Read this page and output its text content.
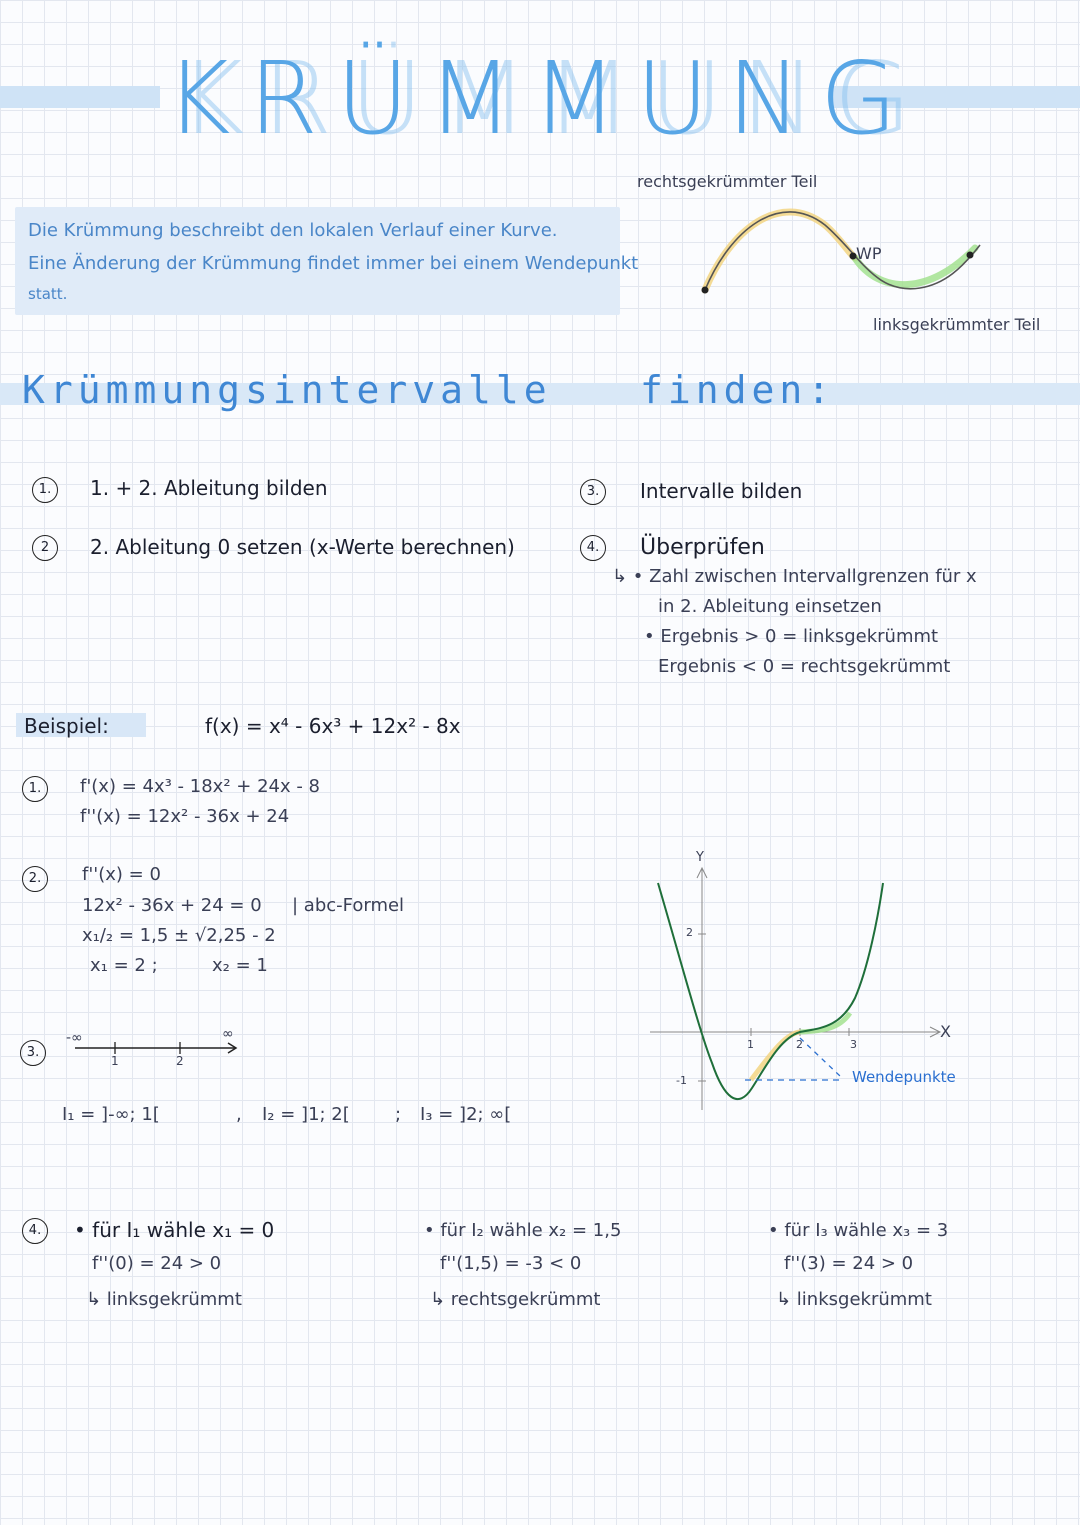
KRÜMMUNG
Die Krümmung beschreibt den lokalen Verlauf einer Kurve.
Eine Änderung der Krümmung findet immer bei einem Wendepunkt
statt.
rechtsgekrümmter Teil
WP
linksgekrümmter Teil
Krümmungsintervalle finden:
1.	1. + 2. Ableitung bilden
2	2. Ableitung 0 setzen (x-Werte berechnen)
3.	Intervalle bilden
4.	Überprüfen
↳ • Zahl zwischen Intervallgrenzen für x
in 2. Ableitung einsetzen
• Ergebnis > 0 = linksgekrümmt
Ergebnis < 0 = rechtsgekrümmt
Beispiel:	f(x) = x⁴ - 6x³ + 12x² - 8x
1.	f'(x) = 4x³ - 18x² + 24x - 8
f''(x) = 12x² - 36x + 24
2.	f''(x) = 0
12x² - 36x + 24 = 0 | abc-Formel
x₁/₂ = 1,5 ± √2,25 - 2
x₁ = 2 ;	x₂ = 1
3.
-∞	∞
1	2
I₁ = ]-∞; 1[	, I₂ = ]1; 2[	; I₃ = ]2; ∞[
Y
X
2
-1
1	2	3
Wendepunkte
4.	• für I₁ wähle x₁ = 0
f''(0) = 24 > 0
↳ linksgekrümmt
• für I₂ wähle x₂ = 1,5
f''(1,5) = -3 < 0
↳ rechtsgekrümmt
• für I₃ wähle x₃ = 3
f''(3) = 24 > 0
↳ linksgekrümmt
